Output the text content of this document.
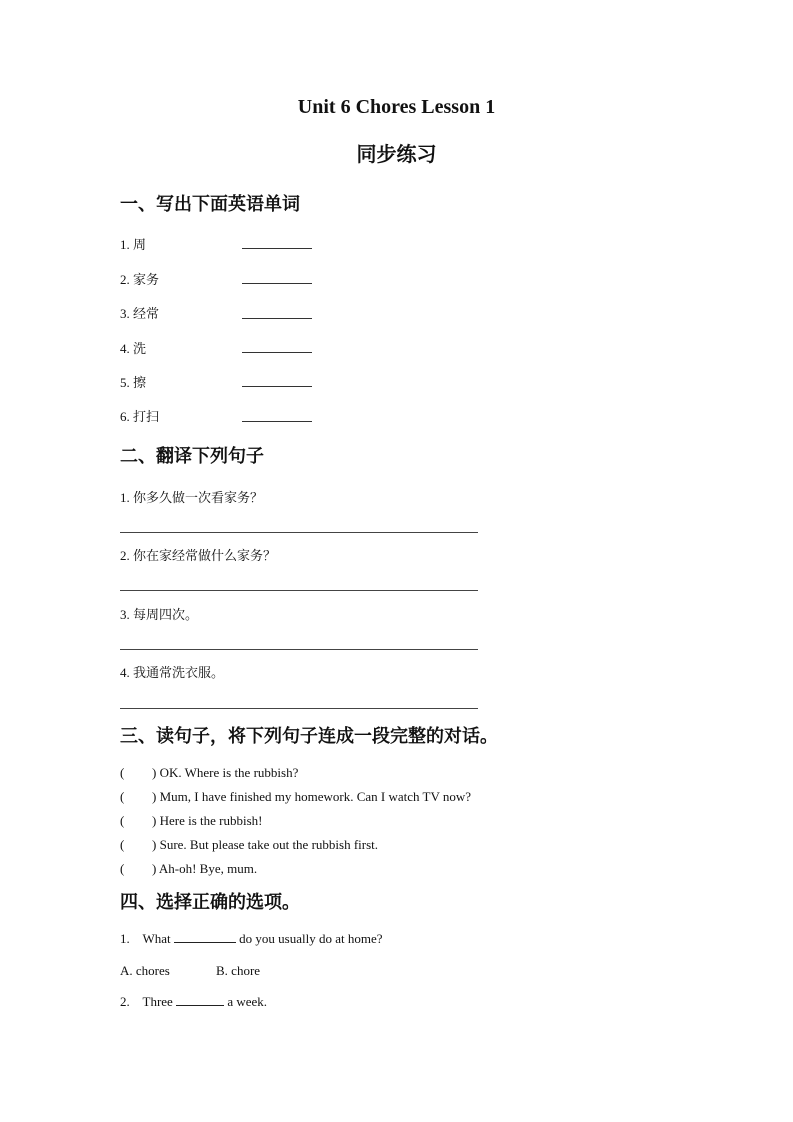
Unit 6 Chores Lesson 1
同步练习
一、写出下面英语单词
1. 周
2. 家务
3. 经常
4. 洗
5. 擦
6. 打扫
二、翻译下列句子
1. 你多久做一次看家务？
2. 你在家经常做什么家务？
3. 每周四次。
4. 我通常洗衣服。
三、读句子，将下列句子连成一段完整的对话。
( ) OK. Where is the rubbish?
( ) Mum, I have finished my homework. Can I watch TV now?
( ) Here is the rubbish!
( ) Sure. But please take out the rubbish first.
( ) Ah-oh! Bye, mum.
四、选择正确的选项。
1. What	do you usually do at home?
A. chores	B. chore
2. Three	a week.
